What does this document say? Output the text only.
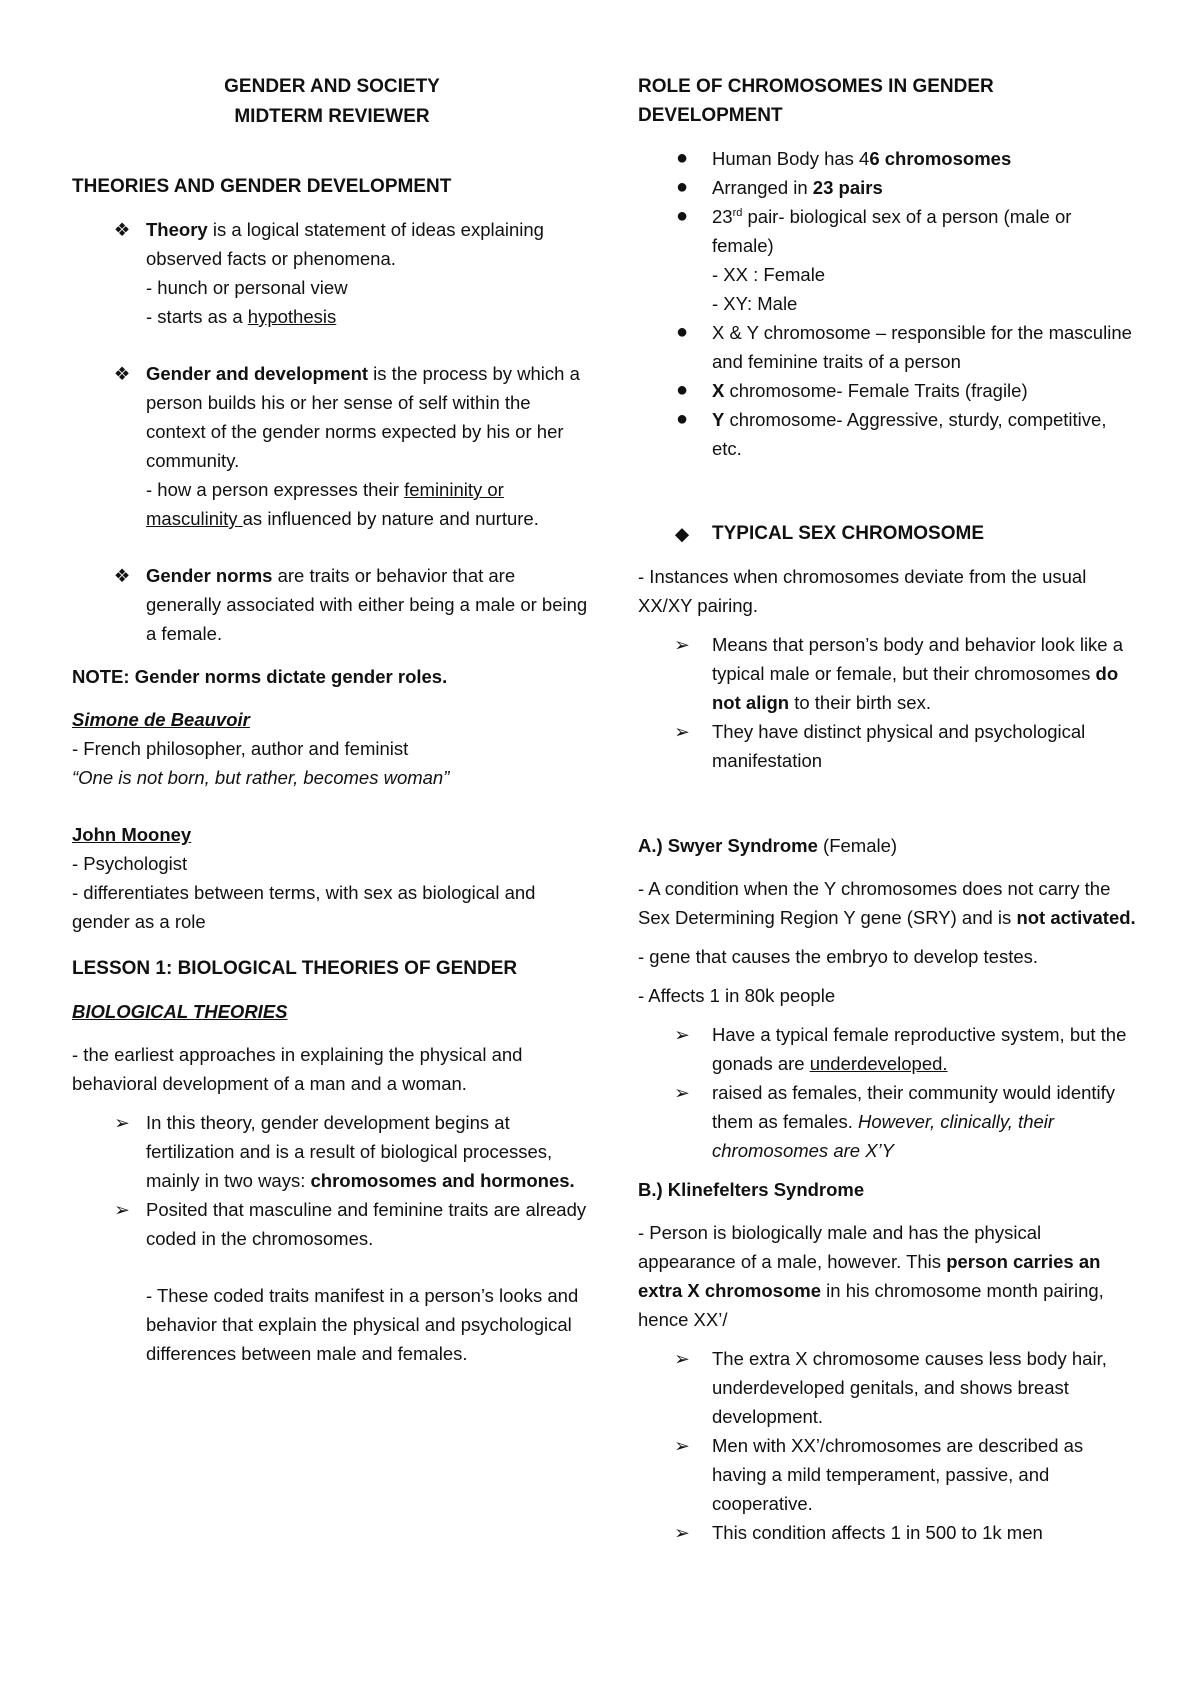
GENDER AND SOCIETY

MIDTERM REVIEWER

THEORIES AND GENDER DEVELOPMENT

❖ Theory is a logical statement of ideas explaining observed facts or phenomena.

- hunch or personal view

- starts as a hypothesis

❖ Gender and development is the process by which a person builds his or her sense of self within the context of the gender norms expected by his or her community.

- how a person expresses their femininity or masculinity as influenced by nature and nurture.

❖ Gender norms are traits or behavior that are generally associated with either being a male or being a female.

NOTE: Gender norms dictate gender roles.

Simone de Beauvoir

- French philosopher, author and feminist

“One is not born, but rather, becomes woman”

John Mooney

- Psychologist

- differentiates between terms, with sex as biological and gender as a role

LESSON 1: BIOLOGICAL THEORIES OF GENDER

BIOLOGICAL THEORIES

- the earliest approaches in explaining the physical and behavioral development of a man and a woman.

➢ In this theory, gender development begins at fertilization and is a result of biological processes, mainly in two ways: chromosomes and hormones.

➢ Posited that masculine and feminine traits are already coded in the chromosomes.

- These coded traits manifest in a person’s looks and behavior that explain the physical and psychological differences between male and females.

ROLE OF CHROMOSOMES IN GENDER DEVELOPMENT

● Human Body has 46 chromosomes

● Arranged in 23 pairs

● 23rd pair- biological sex of a person (male or female)

- XX : Female

- XY: Male

● X & Y chromosome – responsible for the masculine and feminine traits of a person

● X chromosome- Female Traits (fragile)

● Y chromosome- Aggressive, sturdy, competitive, etc.

◆ TYPICAL SEX CHROMOSOME

- Instances when chromosomes deviate from the usual XX/XY pairing.

➢ Means that person’s body and behavior look like a typical male or female, but their chromosomes do not align to their birth sex.

➢ They have distinct physical and psychological manifestation

A.) Swyer Syndrome (Female)

- A condition when the Y chromosomes does not carry the Sex Determining Region Y gene (SRY) and is not activated.

- gene that causes the embryo to develop testes.

- Affects 1 in 80k people

➢ Have a typical female reproductive system, but the gonads are underdeveloped.

➢ raised as females, their community would identify them as females. However, clinically, their chromosomes are X’Y

B.) Klinefelters Syndrome

- Person is biologically male and has the physical appearance of a male, however. This person carries an extra X chromosome in his chromosome month pairing, hence XX’/

➢ The extra X chromosome causes less body hair, underdeveloped genitals, and shows breast development.

➢ Men with XX’/chromosomes are described as having a mild temperament, passive, and cooperative.

➢ This condition affects 1 in 500 to 1k men
